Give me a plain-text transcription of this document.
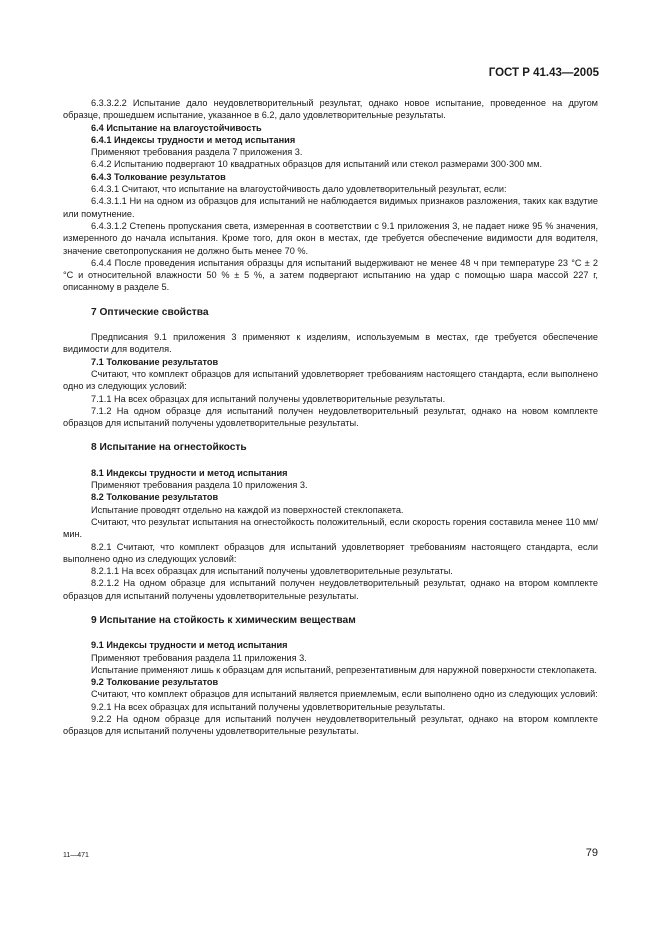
ГОСТ Р 41.43—2005

6.3.3.2.2 Испытание дало неудовлетворительный результат, однако новое испытание, проведенное на другом образце, прошедшем испытание, указанное в 6.2, дало удовлетворительные результаты.

6.4 Испытание на влагоустойчивость

6.4.1 Индексы трудности и метод испытания

Применяют требования раздела 7 приложения 3.

6.4.2 Испытанию подвергают 10 квадратных образцов для испытаний или стекол размерами 300·300 мм.

6.4.3 Толкование результатов

6.4.3.1 Считают, что испытание на влагоустойчивость дало удовлетворительный результат, если:

6.4.3.1.1 Ни на одном из образцов для испытаний не наблюдается видимых признаков разложения, таких как вздутие или помутнение.

6.4.3.1.2 Степень пропускания света, измеренная в соответствии с 9.1 приложения 3, не падает ниже 95 % значения, измеренного до начала испытания. Кроме того, для окон в местах, где требуется обеспечение видимости для водителя, значение светопропускания не должно быть менее 70 %.

6.4.4 После проведения испытания образцы для испытаний выдерживают не менее 48 ч при температуре 23 °С ± 2 °С и относительной влажности 50 % ± 5 %, а затем подвергают испытанию на удар с помощью шара массой 227 г, описанному в разделе 5.

7 Оптические свойства

Предписания 9.1 приложения 3 применяют к изделиям, используемым в местах, где требуется обеспечение видимости для водителя.

7.1 Толкование результатов

Считают, что комплект образцов для испытаний удовлетворяет требованиям настоящего стандарта, если выполнено одно из следующих условий:

7.1.1 На всех образцах для испытаний получены удовлетворительные результаты.

7.1.2 На одном образце для испытаний получен неудовлетворительный результат, однако на новом комплекте образцов для испытаний получены удовлетворительные результаты.

8 Испытание на огнестойкость

8.1 Индексы трудности и метод испытания

Применяют требования раздела 10 приложения 3.

8.2 Толкование результатов

Испытание проводят отдельно на каждой из поверхностей стеклопакета.

Считают, что результат испытания на огнестойкость положительный, если скорость горения составила менее 110 мм/мин.

8.2.1 Считают, что комплект образцов для испытаний удовлетворяет требованиям настоящего стандарта, если выполнено одно из следующих условий:

8.2.1.1 На всех образцах для испытаний получены удовлетворительные результаты.

8.2.1.2 На одном образце для испытаний получен неудовлетворительный результат, однако на втором комплекте образцов для испытаний получены удовлетворительные результаты.

9 Испытание на стойкость к химическим веществам

9.1 Индексы трудности и метод испытания

Применяют требования раздела 11 приложения 3.

Испытание применяют лишь к образцам для испытаний, репрезентативным для наружной поверхности стеклопакета.

9.2 Толкование результатов

Считают, что комплект образцов для испытаний является приемлемым, если выполнено одно из следующих условий:

9.2.1 На всех образцах для испытаний получены удовлетворительные результаты.

9.2.2 На одном образце для испытаний получен неудовлетворительный результат, однако на втором комплекте образцов для испытаний получены удовлетворительные результаты.

11—471	79
